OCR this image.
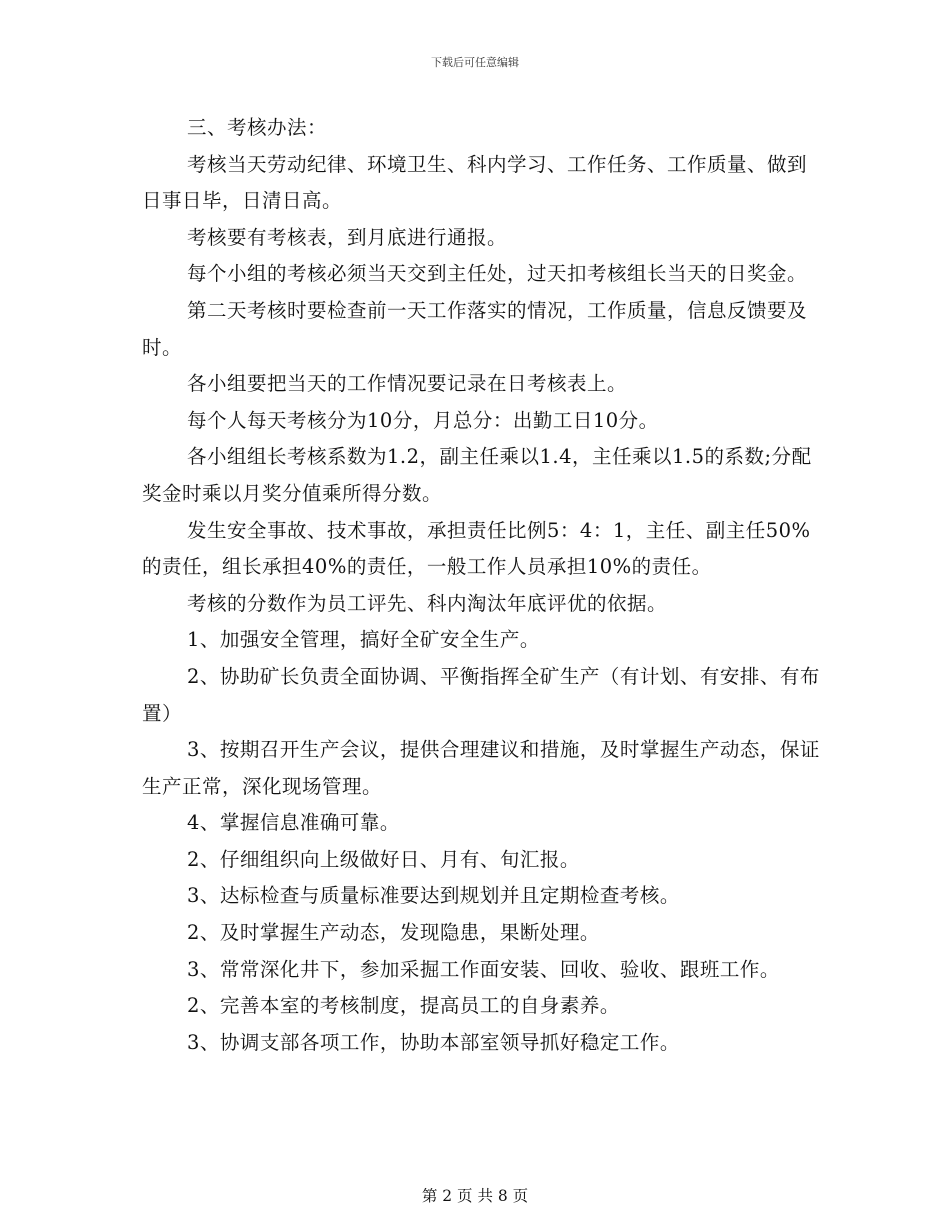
下载后可任意编辑

三、考核办法：

考核当天劳动纪律、环境卫生、科内学习、工作任务、工作质量、做到日事日毕，日清日高。

考核要有考核表，到月底进行通报。

每个小组的考核必须当天交到主任处，过天扣考核组长当天的日奖金。

第二天考核时要检查前一天工作落实的情况，工作质量，信息反馈要及时。

各小组要把当天的工作情况要记录在日考核表上。

每个人每天考核分为10分，月总分：出勤工日10分。

各小组组长考核系数为1.2，副主任乘以1.4，主任乘以1.5的系数;分配奖金时乘以月奖分值乘所得分数。

发生安全事故、技术事故，承担责任比例5：4：1，主任、副主任50%的责任，组长承担40%的责任，一般工作人员承担10%的责任。

考核的分数作为员工评先、科内淘汰年底评优的依据。

1、加强安全管理，搞好全矿安全生产。

2、协助矿长负责全面协调、平衡指挥全矿生产（有计划、有安排、有布置）

3、按期召开生产会议，提供合理建议和措施，及时掌握生产动态，保证生产正常，深化现场管理。

4、掌握信息准确可靠。

2、仔细组织向上级做好日、月有、旬汇报。

3、达标检查与质量标准要达到规划并且定期检查考核。

2、及时掌握生产动态，发现隐患，果断处理。

3、常常深化井下，参加采掘工作面安装、回收、验收、跟班工作。

2、完善本室的考核制度，提高员工的自身素养。

3、协调支部各项工作，协助本部室领导抓好稳定工作。

第 2 页 共 8 页
